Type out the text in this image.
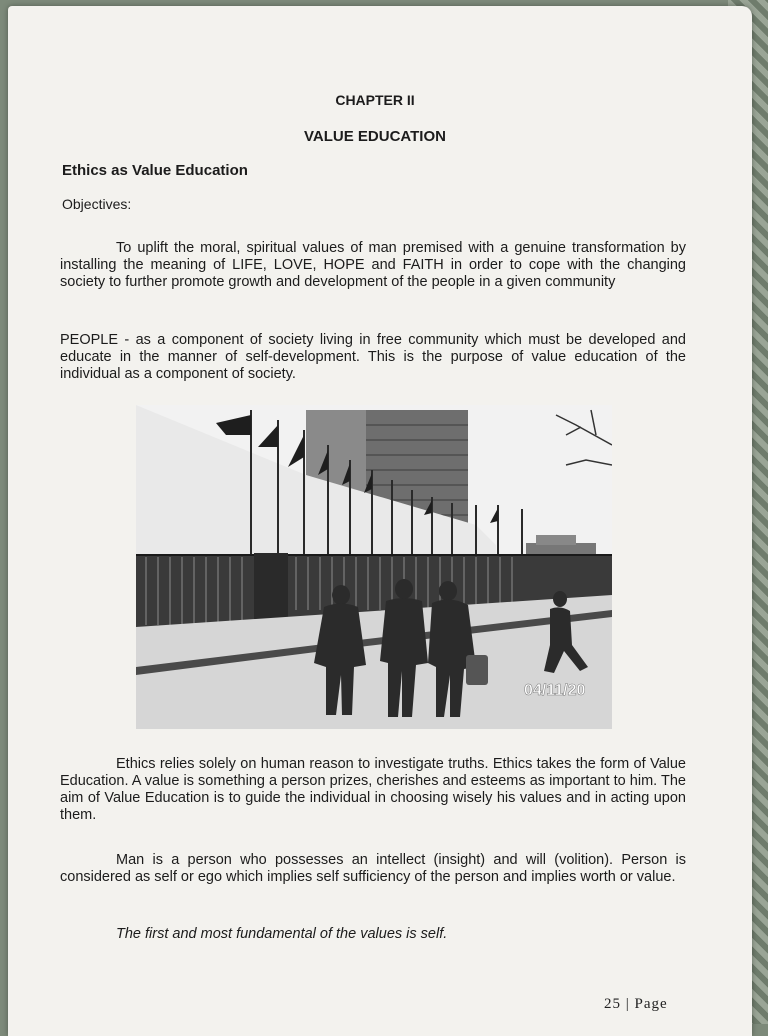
CHAPTER II
VALUE EDUCATION
Ethics as Value Education
Objectives:

To uplift the moral, spiritual values of man premised with a genuine transformation by installing the meaning of LIFE, LOVE, HOPE and FAITH in order to cope with the changing society to further promote growth and development of the people in a given community

PEOPLE - as a component of society living in free community which must be developed and educate in the manner of self-development. This is the purpose of value education of the individual as a component of society.

Ethics relies solely on human reason to investigate truths. Ethics takes the form of Value Education. A value is something a person prizes, cherishes and esteems as important to him. The aim of Value Education is to guide the individual in choosing wisely his values and in acting upon them.

Man is a person who possesses an intellect (insight) and will (volition). Person is considered as self or ego which implies self sufficiency of the person and implies worth or value.

The first and most fundamental of the values is self.
25 | Page
04/11/20
